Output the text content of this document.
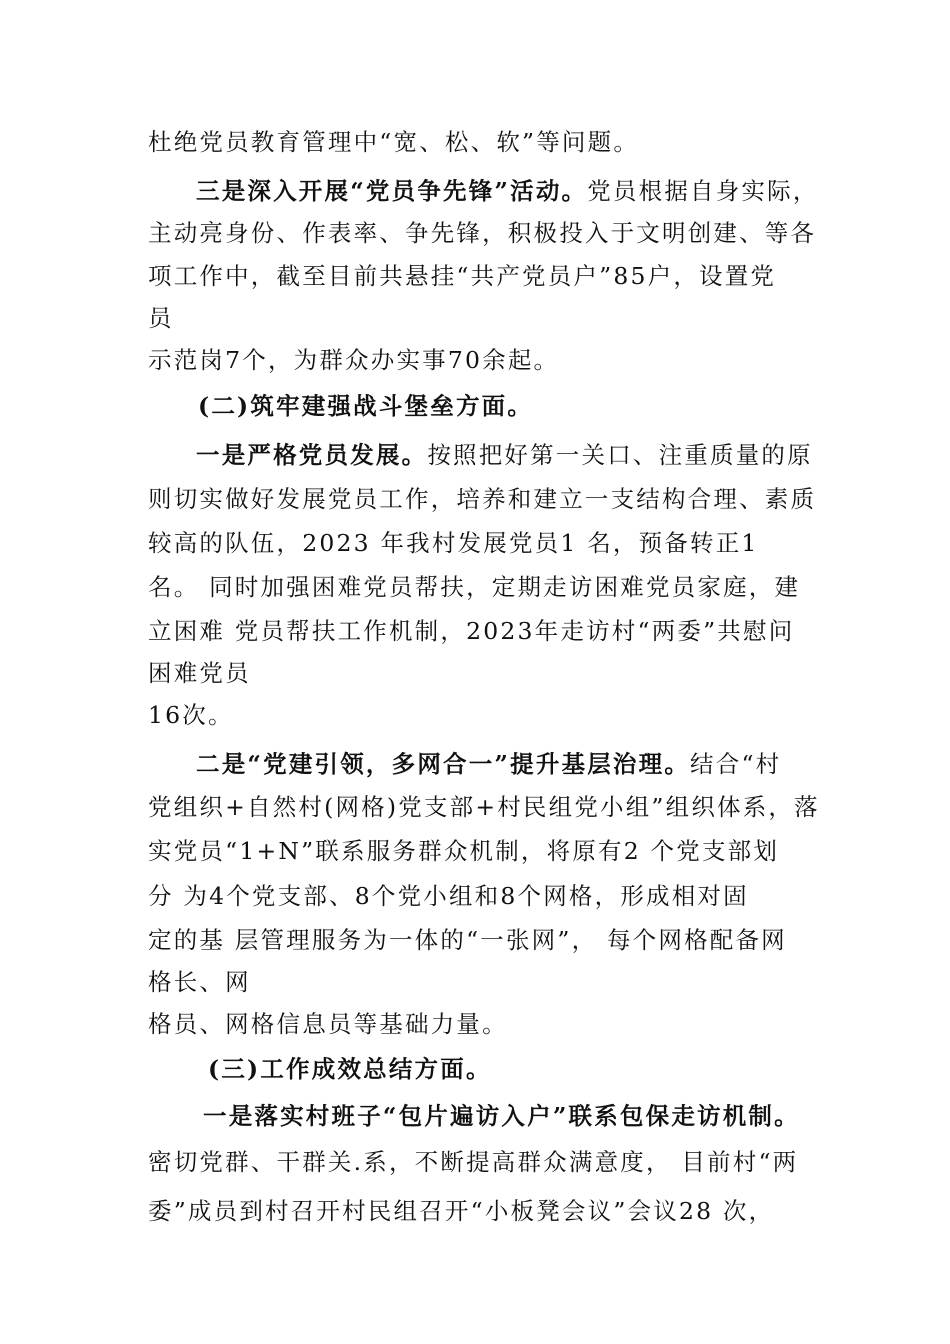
杜绝党员教育管理中“宽、松、软”等问题。
三是深入开展“党员争先锋”活动。党员根据自身实际，
主动亮身份、作表率、争先锋，积极投入于文明创建、等各
项工作中，截至目前共悬挂“共产党员户”85户，设置党
员
示范岗7个，为群众办实事70余起。
(二)筑牢建强战斗堡垒方面。
一是严格党员发展。按照把好第一关口、注重质量的原
则切实做好发展党员工作，培养和建立一支结构合理、素质
较高的队伍，2023 年我村发展党员1 名，预备转正1
名。 同时加强困难党员帮扶，定期走访困难党员家庭，建
立困难 党员帮扶工作机制，2023年走访村“两委”共慰问
困难党员
16次。
二是“党建引领，多网合一”提升基层治理。结合“村
党组织+自然村(网格)党支部+村民组党小组”组织体系，落
实党员“1+N”联系服务群众机制，将原有2 个党支部划
分 为4个党支部、8个党小组和8个网格，形成相对固
定的基 层管理服务为一体的“一张网”， 每个网格配备网
格长、网
格员、网格信息员等基础力量。
(三)工作成效总结方面。
一是落实村班子“包片遍访入户”联系包保走访机制。
密切党群、干群关.系，不断提高群众满意度， 目前村“两
委”成员到村召开村民组召开“小板凳会议”会议28 次，
